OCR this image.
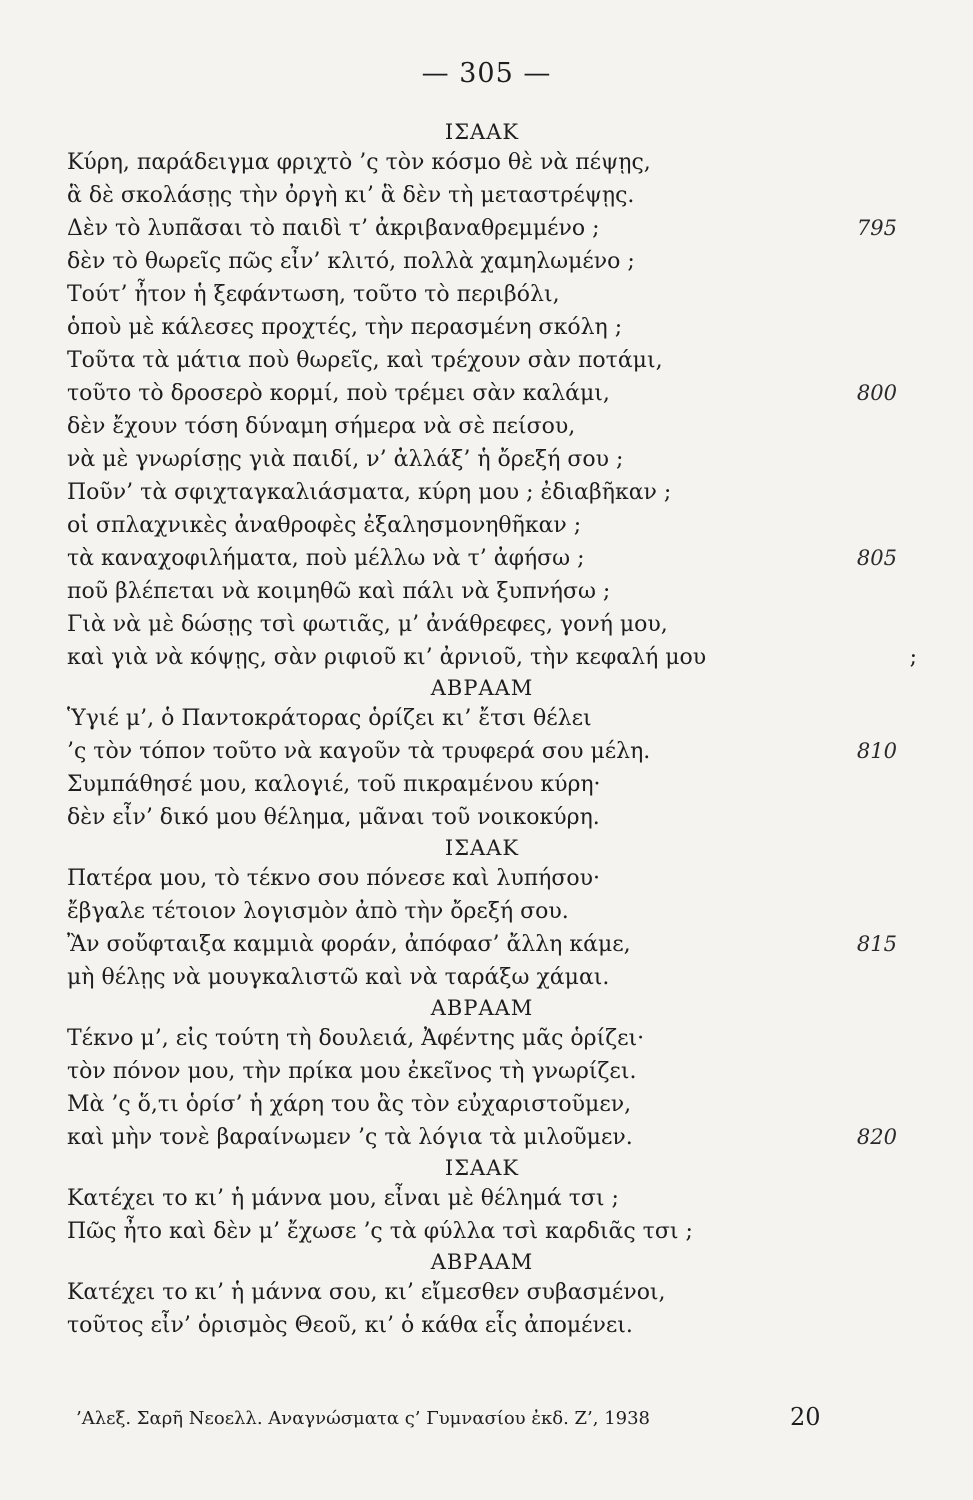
— 305 —
ΙΣΑΑΚ
Κύρη, παράδειγμα φριχτὸ ’ς τὸν κόσμο θὲ νὰ πέψῃς,
ἃ δὲ σκολάσῃς τὴν ὀργὴ κι’ ἃ δὲν τὴ μεταστρέψῃς.
Δὲν τὸ λυπᾶσαι τὸ παιδὶ τ’ ἀκριβαναθρεμμένο ;	795
δὲν τὸ θωρεῖς πῶς εἶν’ κλιτό, πολλὰ χαμηλωμένο ;
Τούτ’ ἦτον ἡ ξεφάντωση, τοῦτο τὸ περιβόλι,
ὁποὺ μὲ κάλεσες προχτές, τὴν περασμένη σκόλη ;
Τοῦτα τὰ μάτια ποὺ θωρεῖς, καὶ τρέχουν σὰν ποτάμι,
τοῦτο τὸ δροσερὸ κορμί, ποὺ τρέμει σὰν καλάμι,	800
δὲν ἔχουν τόση δύναμη σήμερα νὰ σὲ πείσου,
νὰ μὲ γνωρίσῃς γιὰ παιδί, ν’ ἀλλάξ’ ἡ ὄρεξή σου ;
Ποῦν’ τὰ σφιχταγκαλιάσματα, κύρη μου ; ἐδιαβῆκαν ;
οἱ σπλαχνικὲς ἀναθροφὲς ἐξαλησμονηθῆκαν ;
τὰ καναχοφιλήματα, ποὺ μέλλω νὰ τ’ ἀφήσω ;	805
ποῦ βλέπεται νὰ κοιμηθῶ καὶ πάλι νὰ ξυπνήσω ;
Γιὰ νὰ μὲ δώσῃς τσὶ φωτιᾶς, μ’ ἀνάθρεφες, γονή μου,
καὶ γιὰ νὰ κόψῃς, σὰν ριφιοῦ κι’ ἀρνιοῦ, τὴν κεφαλή μου	;
ΑΒΡΑΑΜ
Ὑγιέ μ’, ὁ Παντοκράτορας ὁρίζει κι’ ἔτσι θέλει
’ς τὸν τόπον τοῦτο νὰ καγοῦν τὰ τρυφερά σου μέλη.	810
Συμπάθησέ μου, καλογιέ, τοῦ πικραμένου κύρη·
δὲν εἶν’ δικό μου θέλημα, μᾶναι τοῦ νοικοκύρη.
ΙΣΑΑΚ
Πατέρα μου, τὸ τέκνο σου πόνεσε καὶ λυπήσου·
ἔβγαλε τέτοιον λογισμὸν ἀπὸ τὴν ὄρεξή σου.
Ἂν σοὔφταιξα καμμιὰ φοράν, ἀπόφασ’ ἄλλη κάμε,	815
μὴ θέλῃς νὰ μουγκαλιστῶ καὶ νὰ ταράξω χάμαι.
ΑΒΡΑΑΜ
Τέκνο μ’, εἰς τούτη τὴ δουλειά, Ἀφέντης μᾶς ὁρίζει·
τὸν πόνον μου, τὴν πρίκα μου ἐκεῖνος τὴ γνωρίζει.
Μὰ ’ς ὅ,τι ὁρίσ’ ἡ χάρη του ἂς τὸν εὐχαριστοῦμεν,
καὶ μὴν τονὲ βαραίνωμεν ’ς τὰ λόγια τὰ μιλοῦμεν.	820
ΙΣΑΑΚ
Κατέχει το κι’ ἡ μάννα μου, εἶναι μὲ θέλημά τσι ;
Πῶς ἦτο καὶ δὲν μ’ ἔχωσε ’ς τὰ φύλλα τσὶ καρδιᾶς τσι ;
ΑΒΡΑΑΜ
Κατέχει το κι’ ἡ μάννα σου, κι’ εἴμεσθεν συβασμένοι,
τοῦτος εἶν’ ὁρισμὸς Θεοῦ, κι’ ὁ κάθα εἷς ἀπομένει.
’Αλεξ. Σαρῆ Νεοελλ. Αναγνώσματα ς’ Γυμνασίου ἐκδ. Ζ’, 1938	20
